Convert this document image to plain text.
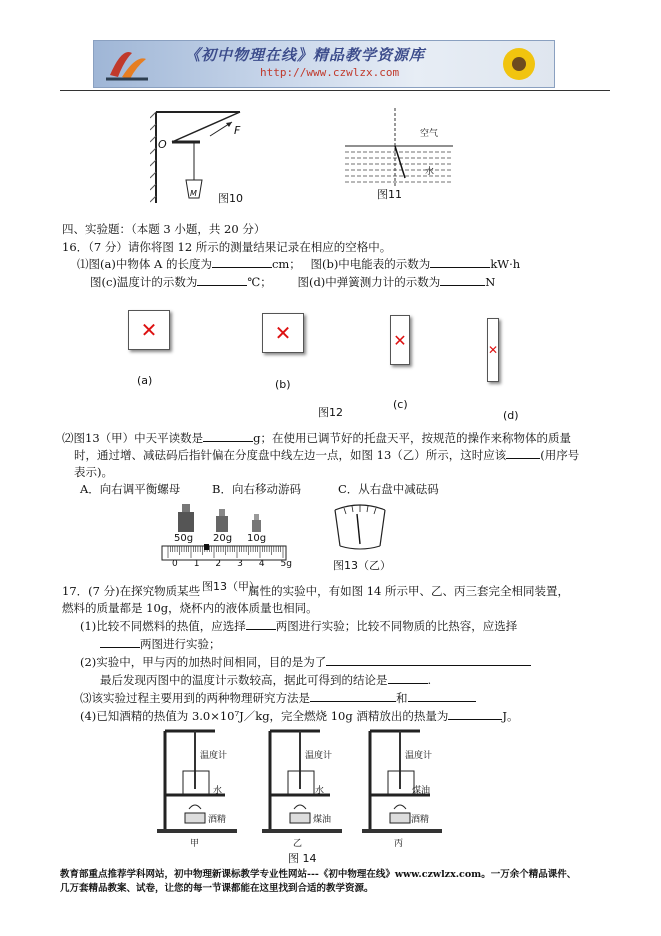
《初中物理在线》精品教学资源库
http://www.czwlzx.com
O
F
M 图10
空气
水
图11
四、实验题：（本题 3 小题，共 20 分）
16．（7 分）请你将图 12 所示的测量结果记录在相应的空格中。
⑴图(a)中物体 A 的长度为	cm； 图(b)中电能表的示数为	kW·h
图(c)温度计的示数为	℃； 图(d)中弹簧测力计的示数为	N
✕	✕	✕
✕
(a)	(b)
(c)
(d)
图12
⑵图13（甲）中天平读数是	g；在使用已调节好的托盘天平，按规范的操作来称物体的质量
时，通过增、减砝码后指针偏在分度盘中线左边一点，如图 13（乙）所示，这时应该	(用序号
表示)。
A．向右调平衡螺母	B．向右移动游码	C．从右盘中减砝码
50g 20g 10g
0 1 2 3 4 5g
图13（甲）
图13（乙）
17．(7 分)在探究物质某些	属性的实验中，有如图 14 所示甲、乙、丙三套完全相同装置，
燃料的质量都是 10g，烧杯内的液体质量也相同。
(1)比较不同燃料的热值，应选择	两图进行实验；比较不同物质的比热容，应选择
两图进行实验；
(2)实验中，甲与丙的加热时间相同，目的是为了
最后发现丙图中的温度计示数较高，据此可得到的结论是	.
⑶该实验过程主要用到的两种物理研究方法是	和
(4)已知酒精的热值为 3.0×10⁷J／kg，完全燃烧 10g 酒精放出的热量为	J。
温度计
水
酒精
甲
温度计
水
煤油
乙
温度计
煤油
酒精
丙
图 14
教育部重点推荐学科网站，初中物理新课标教学专业性网站---《初中物理在线》www.czwlzx.com。一万余个精品课件、
几万套精品教案、试卷，让您的每一节课都能在这里找到合适的教学资源。
